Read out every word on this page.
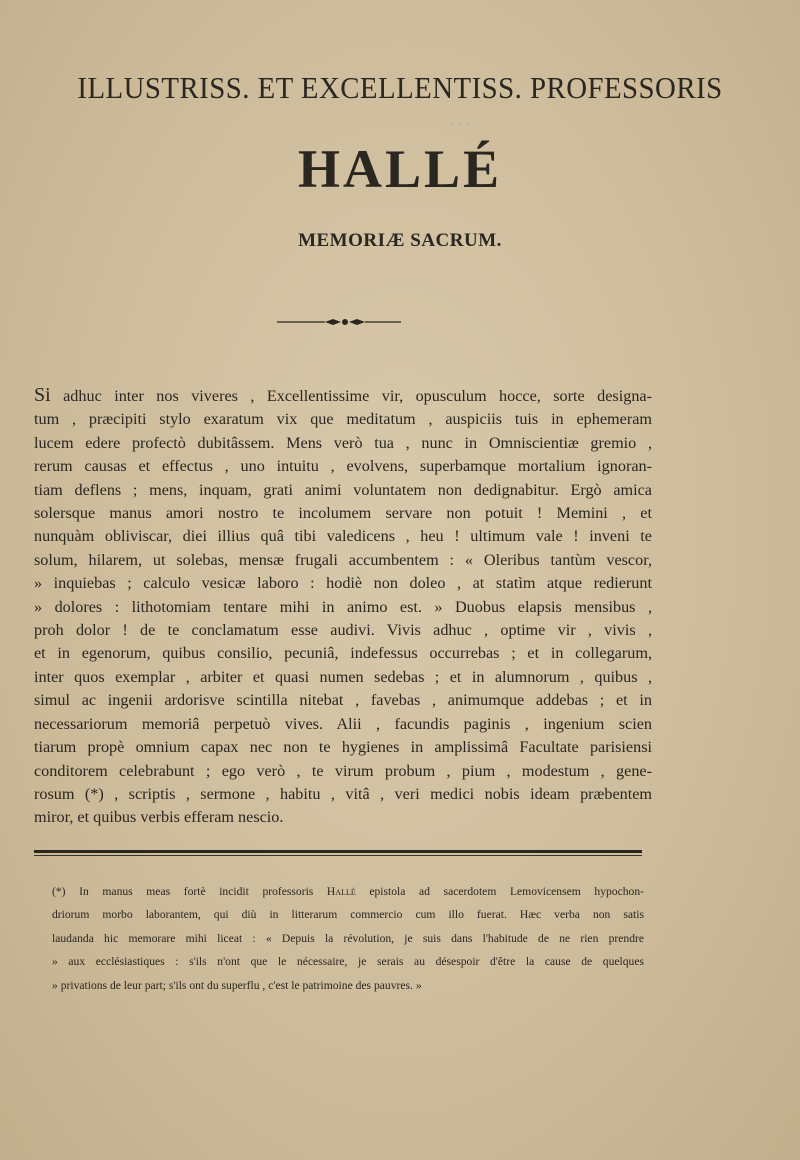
· · ·
ILLUSTRISS. ET EXCELLENTISS. PROFESSORIS
HALLÉ
MEMORIÆ SACRUM.
Si adhuc inter nos viveres , Excellentissime vir, opusculum hocce, sorte designa-
tum , præcipiti stylo exaratum vix que meditatum , auspiciis tuis in ephemeram
lucem edere profectò dubitâssem. Mens verò tua , nunc in Omniscientiæ gremio ,
rerum causas et effectus , uno intuitu , evolvens, superbamque mortalium ignoran-
tiam deflens ; mens, inquam, grati animi voluntatem non dedignabitur. Ergò amica
solersque manus amori nostro te incolumem servare non potuit ! Memini , et
nunquàm obliviscar, diei illius quâ tibi valedicens , heu ! ultimum vale ! inveni te
solum, hilarem, ut solebas, mensæ frugali accumbentem : « Oleribus tantùm vescor,
» inquiebas ; calculo vesicæ laboro : hodiè non doleo , at statìm atque redierunt
» dolores : lithotomiam tentare mihi in animo est. » Duobus elapsis mensibus ,
proh dolor ! de te conclamatum esse audivi. Vivis adhuc , optime vir , vivis ,
et in egenorum, quibus consilio, pecuniâ, indefessus occurrebas ; et in collegarum,
inter quos exemplar , arbiter et quasi numen sedebas ; et in alumnorum , quibus ,
simul ac ingenii ardorisve scintilla nitebat , favebas , animumque addebas ; et in
necessariorum memoriâ perpetuò vives. Alii , facundis paginis , ingenium scien
tiarum propè omnium capax nec non te hygienes in amplissimâ Facultate parisiensi
conditorem celebrabunt ; ego verò , te virum probum , pium , modestum , gene-
rosum (*) , scriptis , sermone , habitu , vitâ , veri medici nobis ideam præbentem
miror, et quibus verbis efferam nescio.
(*) In manus meas fortè incidit professoris Hallé epistola ad sacerdotem Lemovicensem hypochon-
driorum morbo laborantem, qui diù in litterarum commercio cum illo fuerat. Hæc verba non satis
laudanda hic memorare mihi liceat : « Depuis la révolution, je suis dans l'habitude de ne rien prendre
» aux ecclésiastiques : s'ils n'ont que le nécessaire, je serais au désespoir d'être la cause de quelques
» privations de leur part; s'ils ont du superflu , c'est le patrimoine des pauvres. »
